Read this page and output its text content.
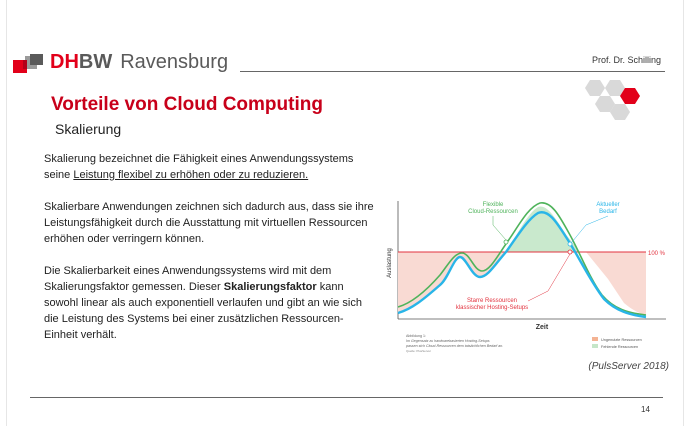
DHBW Ravensburg	Prof. Dr. Schilling
Vorteile von Cloud Computing
Skalierung
Skalierung bezeichnet die Fähigkeit eines Anwendungssystems
seine Leistung flexibel zu erhöhen oder zu reduzieren.
Skalierbare Anwendungen zeichnen sich dadurch aus, dass sie ihre Leistungsfähigkeit durch die Ausstattung mit virtuellen Ressourcen erhöhen oder verringern können.
Die Skalierbarkeit eines Anwendungssystems wird mit dem Skalierungsfaktor gemessen. Dieser Skalierungsfaktor kann sowohl linear als auch exponentiell verlaufen und gibt an wie sich die Leistung des Systems bei einer zusätzlichen Ressourcen-Einheit verhält.
Auslastung
Zeit
100 %
Flexible
Cloud-Ressourcen
Aktueller
Bedarf
Starre Ressourcen
klassischer Hosting-Setups
Abbildung 1:
Im Gegensatz zu hardwarebasierten Hosting-Setups
passen sich Cloud-Ressourcen dem tatsächlichen Bedarf an.
Quelle: PlusServer
Ungenutzte Ressourcen
Fehlende Ressourcen
(PulsServer 2018)
14
